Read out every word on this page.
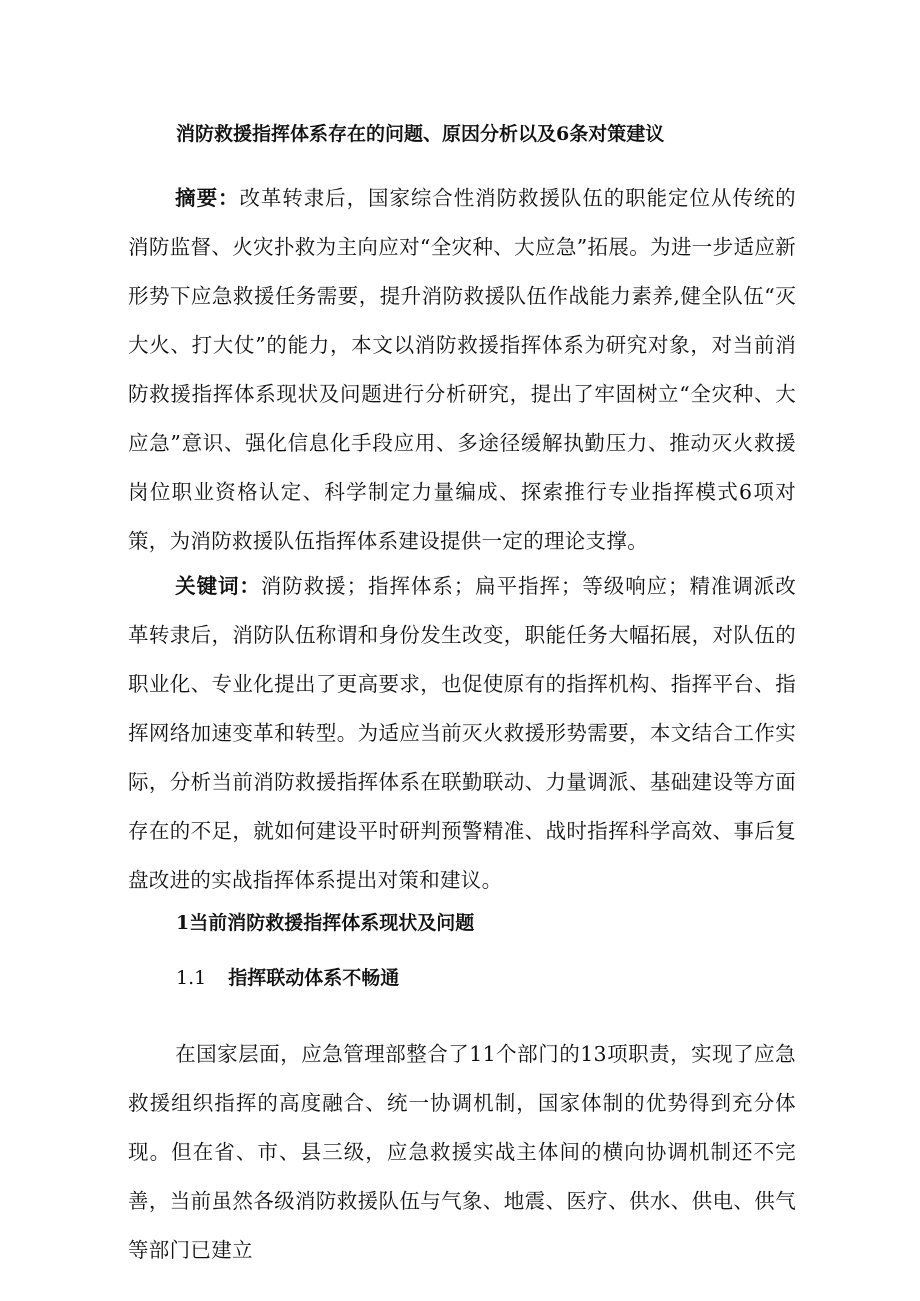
消防救援指挥体系存在的问题、原因分析以及6条对策建议

摘要：改革转隶后，国家综合性消防救援队伍的职能定位从传统的消防监督、火灾扑救为主向应对“全灾种、大应急”拓展。为进一步适应新形势下应急救援任务需要，提升消防救援队伍作战能力素养,健全队伍“灭大火、打大仗”的能力，本文以消防救援指挥体系为研究对象，对当前消防救援指挥体系现状及问题进行分析研究，提出了牢固树立“全灾种、大应急”意识、强化信息化手段应用、多途径缓解执勤压力、推动灭火救援岗位职业资格认定、科学制定力量编成、探索推行专业指挥模式6项对策，为消防救援队伍指挥体系建设提供一定的理论支撑。

关键词：消防救援；指挥体系；扁平指挥；等级响应；精准调派改革转隶后，消防队伍称谓和身份发生改变，职能任务大幅拓展，对队伍的职业化、专业化提出了更高要求，也促使原有的指挥机构、指挥平台、指挥网络加速变革和转型。为适应当前灭火救援形势需要，本文结合工作实际，分析当前消防救援指挥体系在联勤联动、力量调派、基础建设等方面存在的不足，就如何建设平时研判预警精准、战时指挥科学高效、事后复盘改进的实战指挥体系提出对策和建议。

1当前消防救援指挥体系现状及问题
1.1 指挥联动体系不畅通

在国家层面，应急管理部整合了11个部门的13项职责，实现了应急救援组织指挥的高度融合、统一协调机制，国家体制的优势得到充分体现。但在省、市、县三级，应急救援实战主体间的横向协调机制还不完善，当前虽然各级消防救援队伍与气象、地震、医疗、供水、供电、供气等部门已建立
